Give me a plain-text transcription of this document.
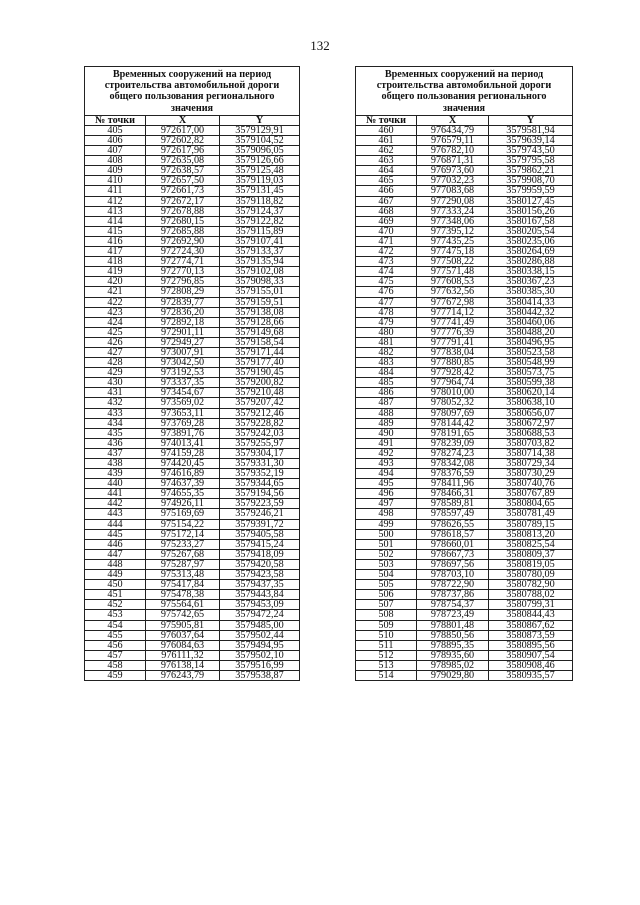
132
Временных сооружений на период строительства автомобильной дороги общего пользования регионального значения		
№ точки	X	Y
405	972617,00	3579129,91
406	972602,82	3579104,52
407	972617,96	3579096,05
408	972635,08	3579126,66
409	972638,57	3579125,48
410	972657,50	3579119,03
411	972661,73	3579131,45
412	972672,17	3579118,82
413	972678,88	3579124,37
414	972680,15	3579122,82
415	972685,88	3579115,89
416	972692,90	3579107,41
417	972724,30	3579133,37
418	972774,71	3579135,94
419	972770,13	3579102,08
420	972796,85	3579098,33
421	972808,29	3579155,01
422	972839,77	3579159,51
423	972836,20	3579138,08
424	972892,18	3579128,66
425	972901,11	3579149,68
426	972949,27	3579158,54
427	973007,91	3579171,44
428	973042,50	3579177,40
429	973192,53	3579190,45
430	973337,35	3579200,82
431	973454,67	3579210,48
432	973569,02	3579207,42
433	973653,11	3579212,46
434	973769,28	3579228,82
435	973891,76	3579242,03
436	974013,41	3579255,97
437	974159,28	3579304,17
438	974420,45	3579331,30
439	974616,89	3579352,19
440	974637,39	3579344,65
441	974655,35	3579194,56
442	974926,11	3579223,59
443	975169,69	3579246,21
444	975154,22	3579391,72
445	975172,14	3579405,58
446	975233,27	3579415,24
447	975267,68	3579418,09
448	975287,97	3579420,58
449	975313,48	3579423,58
450	975417,84	3579437,35
451	975478,38	3579443,84
452	975564,61	3579453,09
453	975742,65	3579472,24
454	975905,81	3579485,00
455	976037,64	3579502,44
456	976084,63	3579494,95
457	976111,32	3579502,10
458	976138,14	3579516,99
459	976243,79	3579538,87
Временных сооружений на период строительства автомобильной дороги общего пользования регионального значения		
№ точки	X	Y
460	976434,79	3579581,94
461	976579,11	3579639,14
462	976782,10	3579743,50
463	976871,31	3579795,58
464	976973,60	3579862,21
465	977032,23	3579908,70
466	977083,68	3579959,59
467	977290,08	3580127,45
468	977333,24	3580156,26
469	977348,06	3580167,58
470	977395,12	3580205,54
471	977435,25	3580235,06
472	977475,18	3580264,69
473	977508,22	3580286,88
474	977571,48	3580338,15
475	977608,53	3580367,23
476	977632,56	3580385,30
477	977672,98	3580414,33
478	977714,12	3580442,32
479	977741,49	3580460,06
480	977776,39	3580488,20
481	977791,41	3580496,95
482	977838,04	3580523,58
483	977880,85	3580548,99
484	977928,42	3580573,75
485	977964,74	3580599,38
486	978010,00	3580620,14
487	978052,32	3580638,10
488	978097,69	3580656,07
489	978144,42	3580672,97
490	978191,65	3580688,53
491	978239,09	3580703,82
492	978274,23	3580714,38
493	978342,08	3580729,34
494	978376,59	3580730,29
495	978411,96	3580740,76
496	978466,31	3580767,89
497	978589,81	3580804,65
498	978597,49	3580781,49
499	978626,55	3580789,15
500	978618,57	3580813,20
501	978660,01	3580825,54
502	978667,73	3580809,37
503	978697,56	3580819,05
504	978703,10	3580780,09
505	978722,90	3580782,90
506	978737,86	3580788,02
507	978754,37	3580799,31
508	978723,49	3580844,43
509	978801,48	3580867,62
510	978850,56	3580873,59
511	978895,35	3580895,56
512	978935,60	3580907,54
513	978985,02	3580908,46
514	979029,80	3580935,57
